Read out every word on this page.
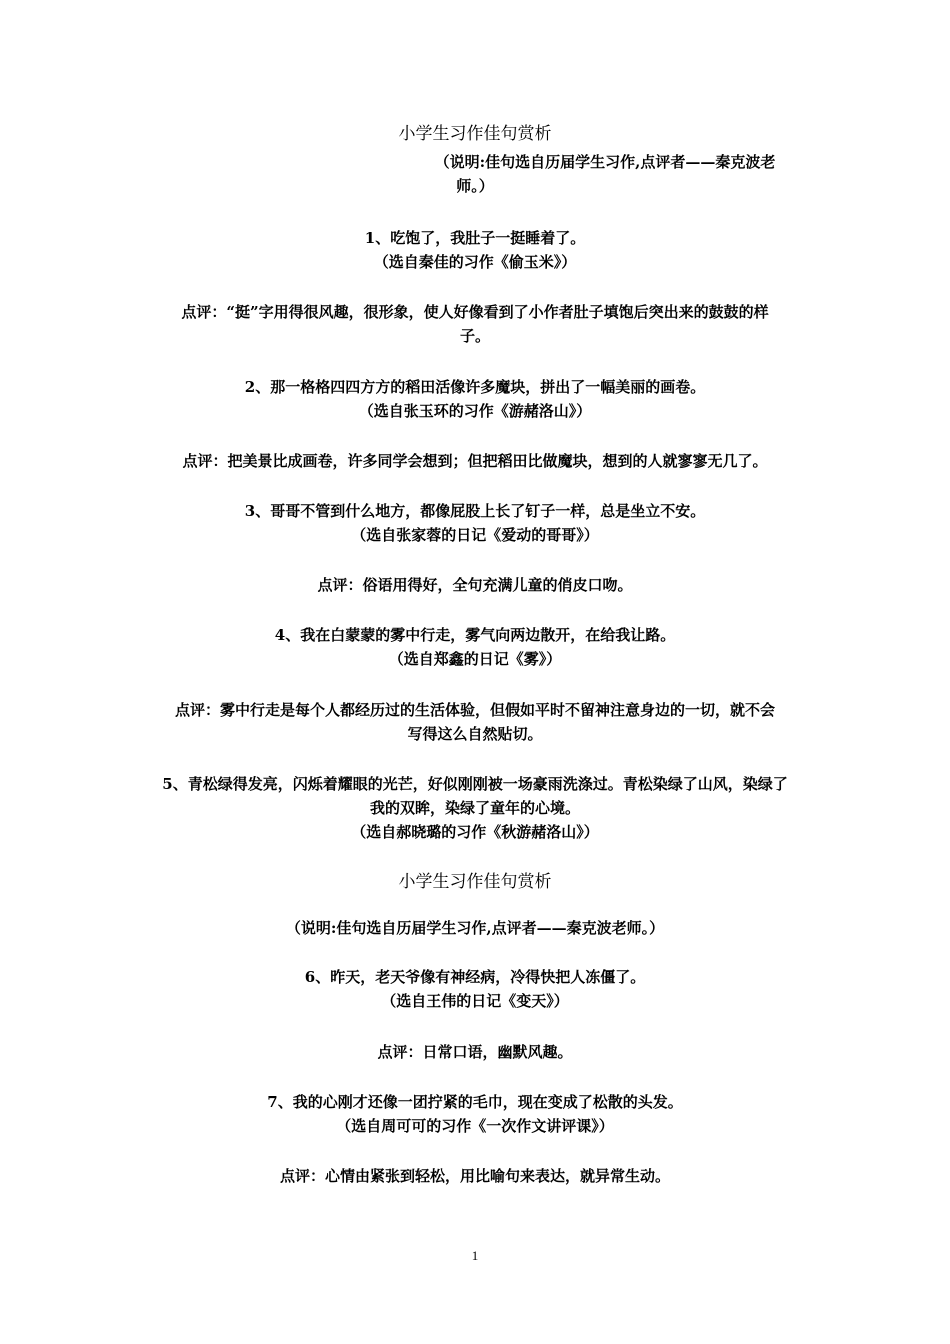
小学生习作佳句赏析
（说明:佳句选自历届学生习作,点评者——秦克波老
师。）
1、吃饱了，我肚子一挺睡着了。
（选自秦佳的习作《偷玉米》）
点评：“挺”字用得很风趣，很形象，使人好像看到了小作者肚子填饱后突出来的鼓鼓的样
子。
2、那一格格四四方方的稻田活像许多魔块，拼出了一幅美丽的画卷。
（选自张玉环的习作《游赭洛山》）
点评：把美景比成画卷，许多同学会想到；但把稻田比做魔块，想到的人就寥寥无几了。
3、哥哥不管到什么地方，都像屁股上长了钉子一样，总是坐立不安。
（选自张家蓉的日记《爱动的哥哥》）
点评：俗语用得好，全句充满儿童的俏皮口吻。
4、我在白蒙蒙的雾中行走，雾气向两边散开，在给我让路。
（选自郑鑫的日记《雾》）
点评：雾中行走是每个人都经历过的生活体验，但假如平时不留神注意身边的一切，就不会
写得这么自然贴切。
5、青松绿得发亮，闪烁着耀眼的光芒，好似刚刚被一场豪雨洗涤过。青松染绿了山风，染绿了
我的双眸，染绿了童年的心境。
（选自郝晓璐的习作《秋游赭洛山》）
小学生习作佳句赏析
（说明:佳句选自历届学生习作,点评者——秦克波老师。）
6、昨天，老天爷像有神经病，冷得快把人冻僵了。
（选自王伟的日记《变天》）
点评：日常口语，幽默风趣。
7、我的心刚才还像一团拧紧的毛巾，现在变成了松散的头发。
（选自周可可的习作《一次作文讲评课》）
点评：心情由紧张到轻松，用比喻句来表达，就异常生动。
1
